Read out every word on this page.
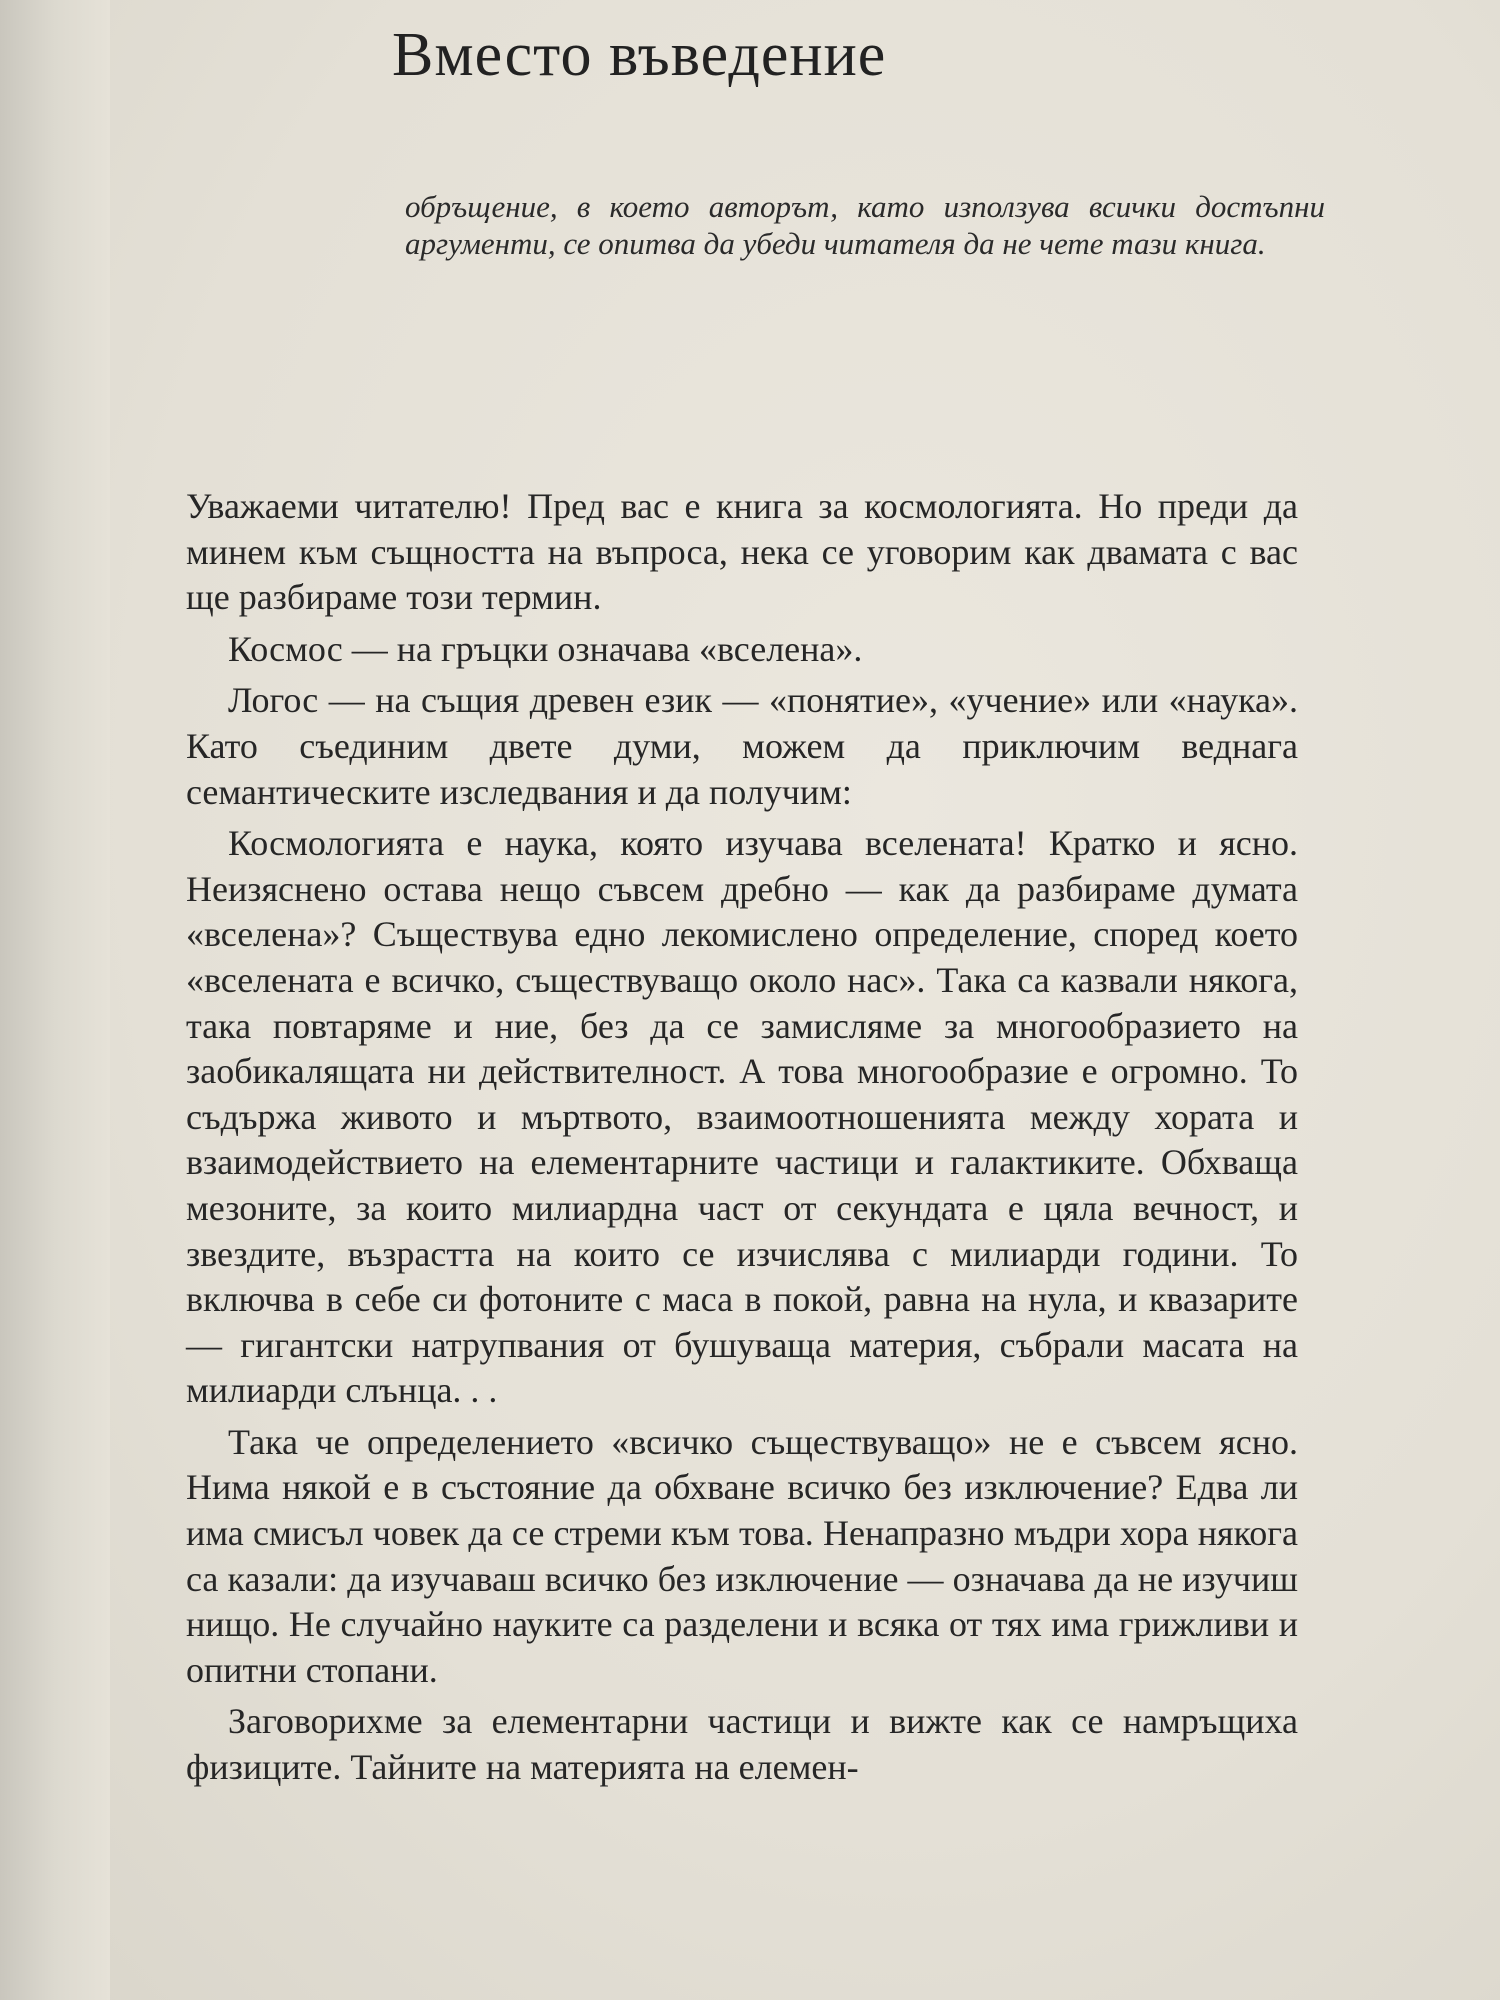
Вместо въведение

обръщение, в което авторът, като използува всички достъпни аргументи, се опитва да убеди читателя да не чете тази книга.

Уважаеми читателю! Пред вас е книга за космологията. Но преди да минем към същността на въпроса, нека се уговорим как двамата с вас ще разбираме този термин.

Космос — на гръцки означава «вселена».

Логос — на същия древен език — «понятие», «учение» или «наука». Като съединим двете думи, можем да приключим веднага семантическите изследвания и да получим:

Космологията е наука, която изучава вселената! Кратко и ясно. Неизяснено остава нещо съвсем дребно — как да разбираме думата «вселена»? Съществува едно лекомислено определение, според което «вселената е всичко, съществуващо около нас». Така са казвали някога, така повтаряме и ние, без да се замисляме за многообразието на заобикалящата ни действителност. А това многообразие е огромно. То съдържа живото и мъртвото, взаимоотношенията между хората и взаимодействието на елементарните частици и галактиките. Обхваща мезоните, за които милиардна част от секундата е цяла вечност, и звездите, възрастта на които се изчислява с милиарди години. То включва в себе си фотоните с маса в покой, равна на нула, и квазарите — гигантски натрупвания от бушуваща материя, събрали масата на милиарди слънца. . .

Така че определението «всичко съществуващо» не е съвсем ясно. Нима някой е в състояние да обхване всичко без изключение? Едва ли има смисъл човек да се стреми към това. Ненапразно мъдри хора някога са казали: да изучаваш всичко без изключение — означава да не изучиш нищо. Не случайно науките са разделени и всяка от тях има грижливи и опитни стопани.

Заговорихме за елементарни частици и вижте как се намръщиха физиците. Тайните на материята на елемен-
